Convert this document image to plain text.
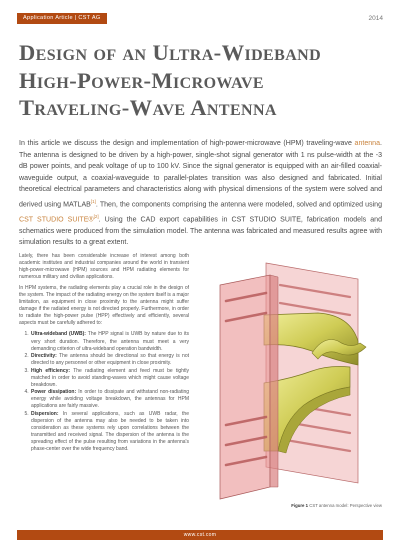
Application Article | CST AG	2014
Design of an Ultra-Wideband
High-Power-Microwave
Traveling-Wave Antenna

In this article we discuss the design and implementation of high-power-microwave (HPM) traveling-wave antenna. The antenna is designed to be driven by a high-power, single-shot signal generator with 1 ns pulse-width at the -3 dB power points, and peak voltage of up to 100 kV. Since the signal generator is equipped with an air-filled coaxial-waveguide output, a coaxial-waveguide to parallel-plates transition was also designed and fabricated. Initial theoretical electrical parameters and characteristics along with physical dimensions of the system were solved and derived using MATLAB[1]. Then, the components comprising the antenna were modeled, solved and optimized using CST STUDIO SUITE®[2]. Using the CAD export capabilities in CST STUDIO SUITE, fabrication models and schematics were produced from the simulation model. The antenna was fabricated and measured results agree with simulation results to a great extent.

Lately, there has been considerable increase of interest among both academic institutes and industrial companies around the world in transient high-power-microwave (HPM) sources and HPM radiating elements for numerous military and civilian applications.

In HPM systems, the radiating elements play a crucial role in the design of the system. The impact of the radiating energy on the system itself is a major limitation, as equipment in close proximity to the antenna might suffer damage if the radiated energy is not directed properly. Furthermore, in order to radiate the high-power pulse (HPP) effectively and efficiently, several aspects must be carefully adhered to:

1. Ultra-wideband (UWB): The HPP signal is UWB by nature due to its very short duration. Therefore, the antenna must meet a very demanding criterion of ultra-wideband operation bandwidth.
2. Directivity: The antenna should be directional so that energy is not directed to any personnel or other equipment in close proximity.
3. High efficiency: The radiating element and feed must be tightly matched in order to avoid standing-waves which might cause voltage breakdown.
4. Power dissipation: In order to dissipate and withstand non-radiating energy while avoiding voltage breakdown, the antennas for HPM applications are fairly massive.
5. Dispersion: In several applications, such as UWB radar, the dispersion of the antenna may also be needed to be taken into consideration as these systems rely upon correlations between the transmitted and received signal. The dispersion of the antenna is the spreading effect of the pulse resulting from variations in the antenna's phase-center over the wide frequency band.
Figure 1 CST antenna model: Perspective view
www.cst.com
